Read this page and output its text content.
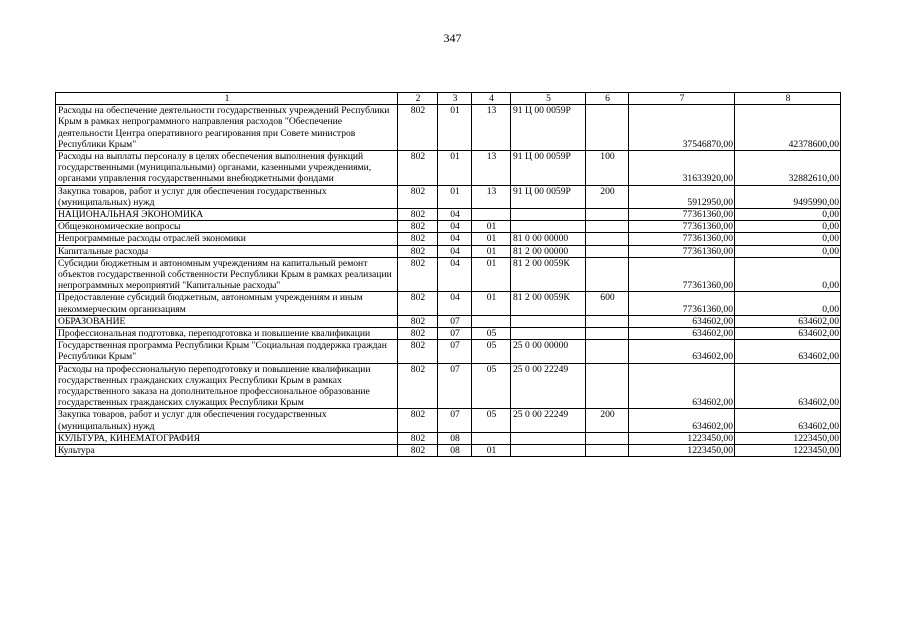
347
1	2	3	4	5	6	7	8
Расходы на обеспечение деятельности государственных учреждений Республики Крым в рамках непрограммного направления расходов "Обеспечение деятельности Центра оперативного реагирования при Совете министров Республики Крым"	802	01	13	91 Ц 00 0059Р		37546870,00	42378600,00
Расходы на выплаты персоналу в целях обеспечения выполнения функций государственными (муниципальными) органами, казенными учреждениями, органами управления государственными внебюджетными фондами	802	01	13	91 Ц 00 0059Р	100	31633920,00	32882610,00
Закупка товаров, работ и услуг для обеспечения государственных (муниципальных) нужд	802	01	13	91 Ц 00 0059Р	200	5912950,00	9495990,00
НАЦИОНАЛЬНАЯ ЭКОНОМИКА	802	04				77361360,00	0,00
Общеэкономические вопросы	802	04	01			77361360,00	0,00
Непрограммные расходы отраслей экономики	802	04	01	81 0 00 00000		77361360,00	0,00
Капитальные расходы	802	04	01	81 2 00 00000		77361360,00	0,00
Субсидии бюджетным и автономным учреждениям на капитальный ремонт объектов государственной собственности Республики Крым в рамках реализации непрограммных мероприятий "Капитальные расходы"	802	04	01	81 2 00 0059К		77361360,00	0,00
Предоставление субсидий бюджетным, автономным учреждениям и иным некоммерческим организациям	802	04	01	81 2 00 0059К	600	77361360,00	0,00
ОБРАЗОВАНИЕ	802	07				634602,00	634602,00
Профессиональная подготовка, переподготовка и повышение квалификации	802	07	05			634602,00	634602,00
Государственная программа Республики Крым "Социальная поддержка граждан Республики Крым"	802	07	05	25 0 00 00000		634602,00	634602,00
Расходы на профессиональную переподготовку и повышение квалификации государственных гражданских служащих Республики Крым в рамках государственного заказа на дополнительное профессиональное образование государственных гражданских служащих Республики Крым	802	07	05	25 0 00 22249		634602,00	634602,00
Закупка товаров, работ и услуг для обеспечения государственных (муниципальных) нужд	802	07	05	25 0 00 22249	200	634602,00	634602,00
КУЛЬТУРА, КИНЕМАТОГРАФИЯ	802	08				1223450,00	1223450,00
Культура	802	08	01			1223450,00	1223450,00
